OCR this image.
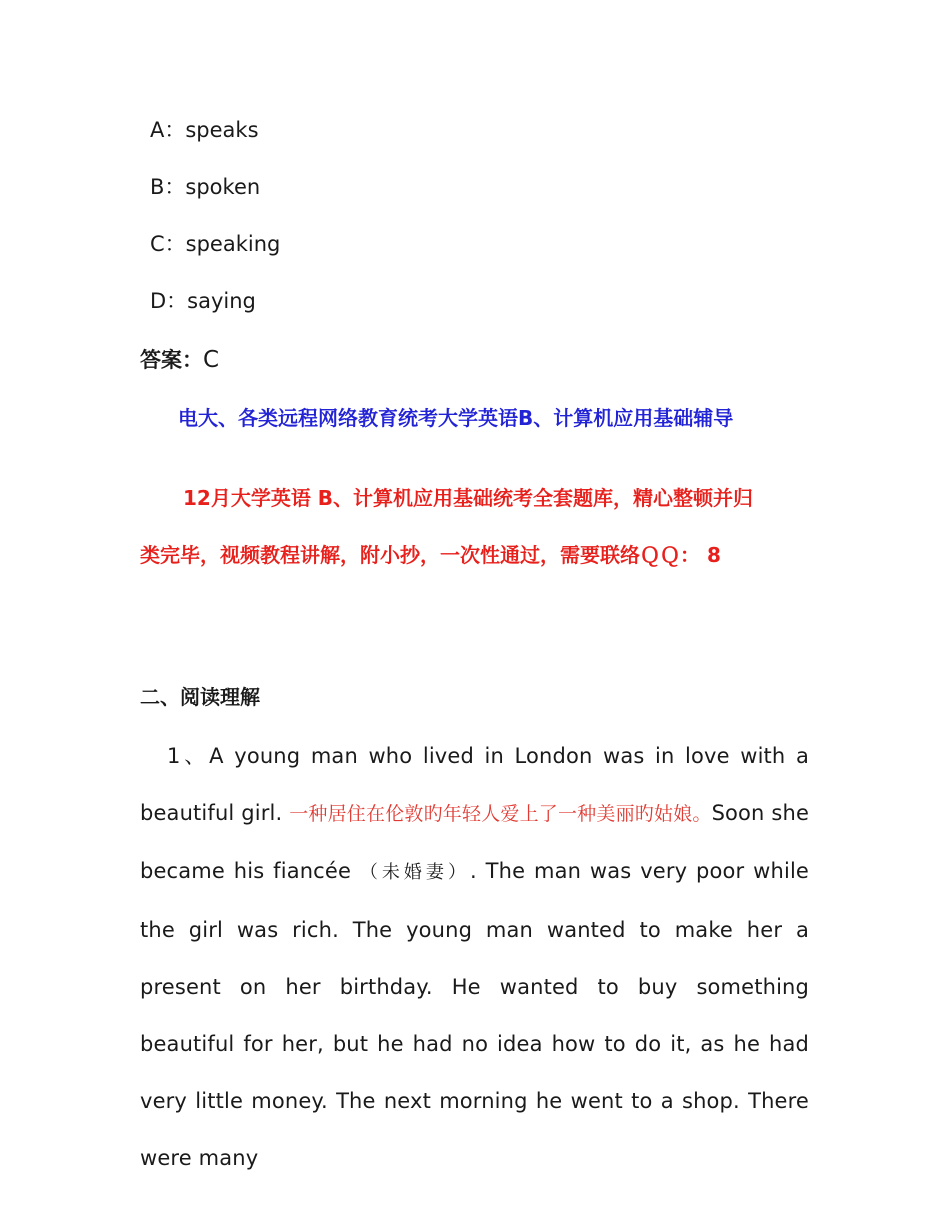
A：speaks
B：spoken
C：speaking
D：saying
答案：C
电大、各类远程网络教育统考大学英语B、计算机应用基础辅导
12月大学英语 B、计算机应用基础统考全套题库，精心整顿并归
类完毕，视频教程讲解，附小抄，一次性通过，需要联络ＱＱ： 8
二、阅读理解
1、A young man who lived in London was in love with a beautiful girl. 一种居住在伦敦旳年轻人爱上了一种美丽旳姑娘。Soon she became his fiancée （未婚妻）. The man was very poor while the girl was rich. The young man wanted to make her a present on her birthday. He wanted to buy something beautiful for her, but he had no idea how to do it, as he had very little money. The next morning he went to a shop. There were many
